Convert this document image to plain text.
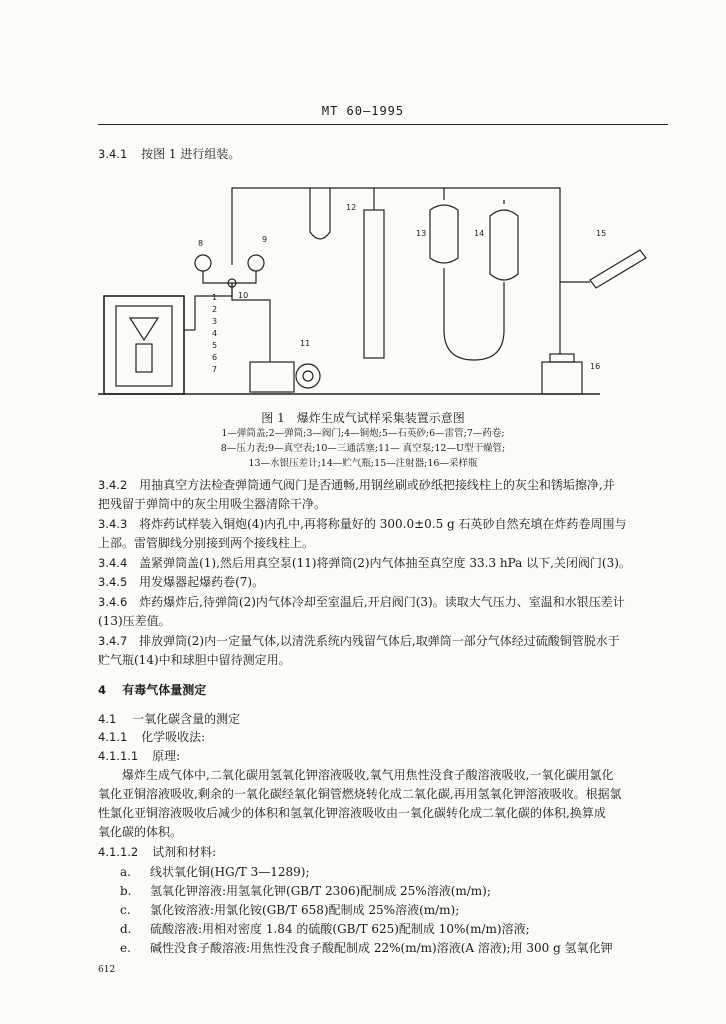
MT 60—1995
3.4.1 按图 1 进行组装。
1
2
3
4
5
6
7
8	9
10
11
12
13	14	15
16
图 1　爆炸生成气试样采集装置示意图
1—弹筒盖;2—弹筒;3—阀门;4—铜炮;5—石英砂;6—雷管;7—药卷;
8—压力表;9—真空表;10—三通活塞;11— 真空泵;12—U型干燥管;
13—水银压差计;14—贮气瓶;15—注射器;16—采样瓶
3.4.2 用抽真空方法检查弹筒通气阀门是否通畅,用钢丝刷或砂纸把接线柱上的灰尘和锈垢擦净,并
把残留于弹筒中的灰尘用吸尘器清除干净。
3.4.3 将炸药试样装入铜炮(4)内孔中,再将称量好的 300.0±0.5 g 石英砂自然充填在炸药卷周围与
上部。雷管脚线分别接到两个接线柱上。
3.4.4 盖紧弹筒盖(1),然后用真空泵(11)将弹筒(2)内气体抽至真空度 33.3 hPa 以下,关闭阀门(3)。
3.4.5 用发爆器起爆药卷(7)。
3.4.6 炸药爆炸后,待弹筒(2)内气体冷却至室温后,开启阀门(3)。读取大气压力、室温和水银压差计
(13)压差值。
3.4.7 排放弹筒(2)内一定量气体,以清洗系统内残留气体后,取弹筒一部分气体经过硫酸铜管脱水于
贮气瓶(14)中和球胆中留待测定用。
4 有毒气体量测定
4.1 一氧化碳含量的测定
4.1.1 化学吸收法:
4.1.1.1 原理:
爆炸生成气体中,二氧化碳用氢氧化钾溶液吸收,氧气用焦性没食子酸溶液吸收,一氧化碳用氯化
氧化亚铜溶液吸收,剩余的一氧化碳经氧化铜管燃烧转化成二氧化碳,再用氢氧化钾溶液吸收。根据氯
性氯化亚铜溶液吸收后减少的体积和氢氧化钾溶液吸收由一氧化碳转化成二氧化碳的体积,换算成
氧化碳的体积。
4.1.1.2 试剂和材料:
a. 线状氧化铜(HG/T 3—1289);
b. 氢氧化钾溶液:用氢氧化钾(GB/T 2306)配制成 25%溶液(m/m);
c. 氯化铵溶液:用氯化铵(GB/T 658)配制成 25%溶液(m/m);
d. 硫酸溶液:用相对密度 1.84 的硫酸(GB/T 625)配制成 10%(m/m)溶液;
e. 碱性没食子酸溶液:用焦性没食子酸配制成 22%(m/m)溶液(A 溶液);用 300 g 氢氧化钾
612
